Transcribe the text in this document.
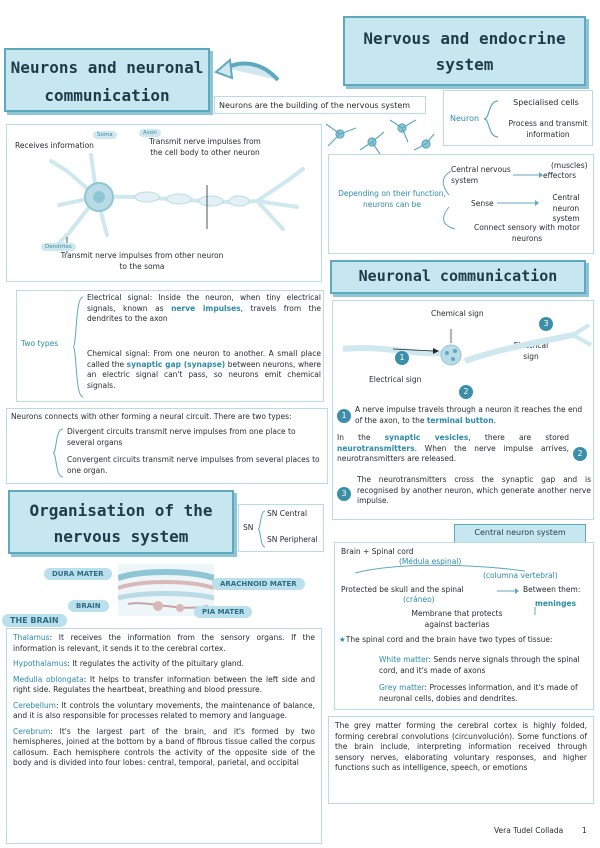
Neurons and neuronal communication
Nervous and endocrine system
Neurons are the building of the nervous system
Neuron
Specialised cells
Process and transmit information
Soma	Axon
Dendrites
Receives information	Transmit nerve impulses from the cell body to other neuron
Transmit nerve impulses from other neuron to the soma
Depending on their function, neurons can be
Central nervous system
(muscles)
effectors
Sense
Central neuron system
Connect sensory with motor neurons
Neuronal communication
Two types
Electrical signal: Inside the neuron, when tiny electrical signals, known as nerve impulses, travels from the dendrites to the axon
Chemical signal: From one neuron to another. A small place called the synaptic gap (synapse) between neurons, where an electric signal can't pass, so neurons emit chemical signals.
Neurons connects with other forming a neural circuit. There are two types:
Divergent circuits transmit nerve impulses from one place to several organs
Convergent circuits transmit nerve impulses from several places to one organ.
Chemical sign
Electrical sign
Electrical sign
1
2
3
A nerve impulse travels through a neuron it reaches the end of the axon, to the terminal button.
1
In the synaptic vesicles, there are stored neurotransmitters. When the nerve impulse arrives, neurotransmitters are released.
2
The neurotransmitters cross the synaptic gap and is recognised by another neuron, which generate another nerve impulse.
3
Organisation of the nervous system	SN
SN Central
SN Peripheral
DURA MATER
ARACHNOID MATER
BRAIN
PIA MATER
THE BRAIN
Thalamus: It receives the information from the sensory organs. If the information is relevant, it sends it to the cerebral cortex.
Hypothalamus: It regulates the activity of the pituitary gland.
Medulla oblongata: It helps to transfer information between the left side and right side. Regulates the heartbeat, breathing and blood pressure.
Cerebellum: It controls the voluntary movements, the maintenance of balance, and it is also responsible for processes related to memory and language.
Cerebrum: It's the largest part of the brain, and it's formed by two hemispheres, joined at the bottom by a band of fibrous tissue called the corpus callosum. Each hemisphere controls the activity of the opposite side of the body and is divided into four lobes: central, temporal, parietal, and occipital
Central neuron system
Brain + Spinal cord
(Médula espinal)
(columna vertebral)
Protected be skull and the spinal
(cráneo)
Between them:
meninges
Membrane that protects against bacterias
★The spinal cord and the brain have two types of tissue:
White matter: Sends nerve signals through the spinal cord, and it's made of axons
Grey matter: Processes information, and it's made of neuronal cells, dobies and dendrites.
The grey matter forming the cerebral cortex is highly folded, forming cerebral convolutions (circunvolución). Some functions of the brain include, interpreting information received through sensory nerves, elaborating voluntary responses, and higher functions such as intelligence, speech, or emotions
Vera Tudel Collada	1
